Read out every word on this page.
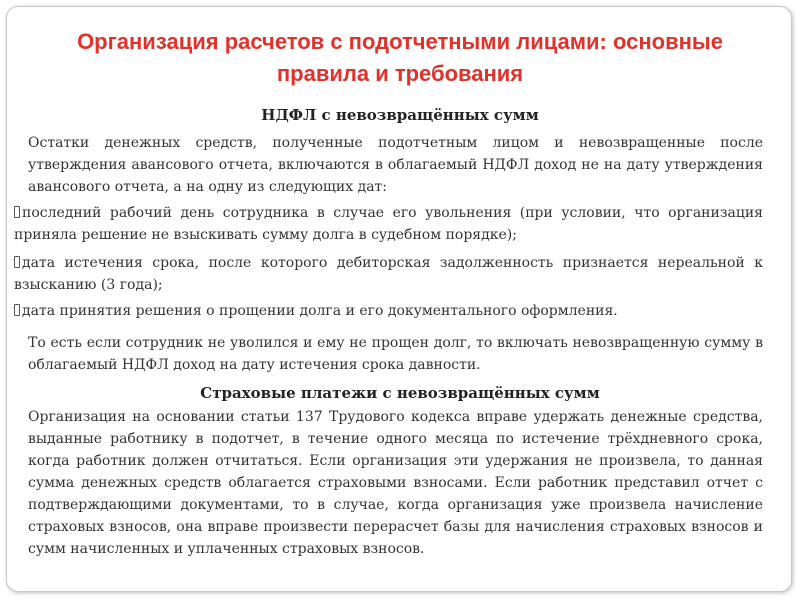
Организация расчетов с подотчетными лицами: основные
правила и требования
НДФЛ с невозвращённых сумм

Остатки денежных средств, полученные подотчетным лицом и невозвращенные после утверждения авансового отчета, включаются в облагаемый НДФЛ доход не на дату утверждения авансового отчета, а на одну из следующих дат:

последний рабочий день сотрудника в случае его увольнения (при условии, что организация приняла решение не взыскивать сумму долга в судебном порядке);

дата истечения срока, после которого дебиторская задолженность признается нереальной к взысканию (3 года);

дата принятия решения о прощении долга и его документального оформления.

То есть если сотрудник не уволился и ему не прощен долг, то включать невозвращенную сумму в облагаемый НДФЛ доход на дату истечения срока давности.

Страховые платежи с невозвращённых сумм

Организация на основании статьи 137 Трудового кодекса вправе удержать денежные средства, выданные работнику в подотчет, в течение одного месяца по истечение трёхдневного срока, когда работник должен отчитаться. Если организация эти удержания не произвела, то данная сумма денежных средств облагается страховыми взносами. Если работник представил отчет с подтверждающими документами, то в случае, когда организация уже произвела начисление страховых взносов, она вправе произвести перерасчет базы для начисления страховых взносов и сумм начисленных и уплаченных страховых взносов.
